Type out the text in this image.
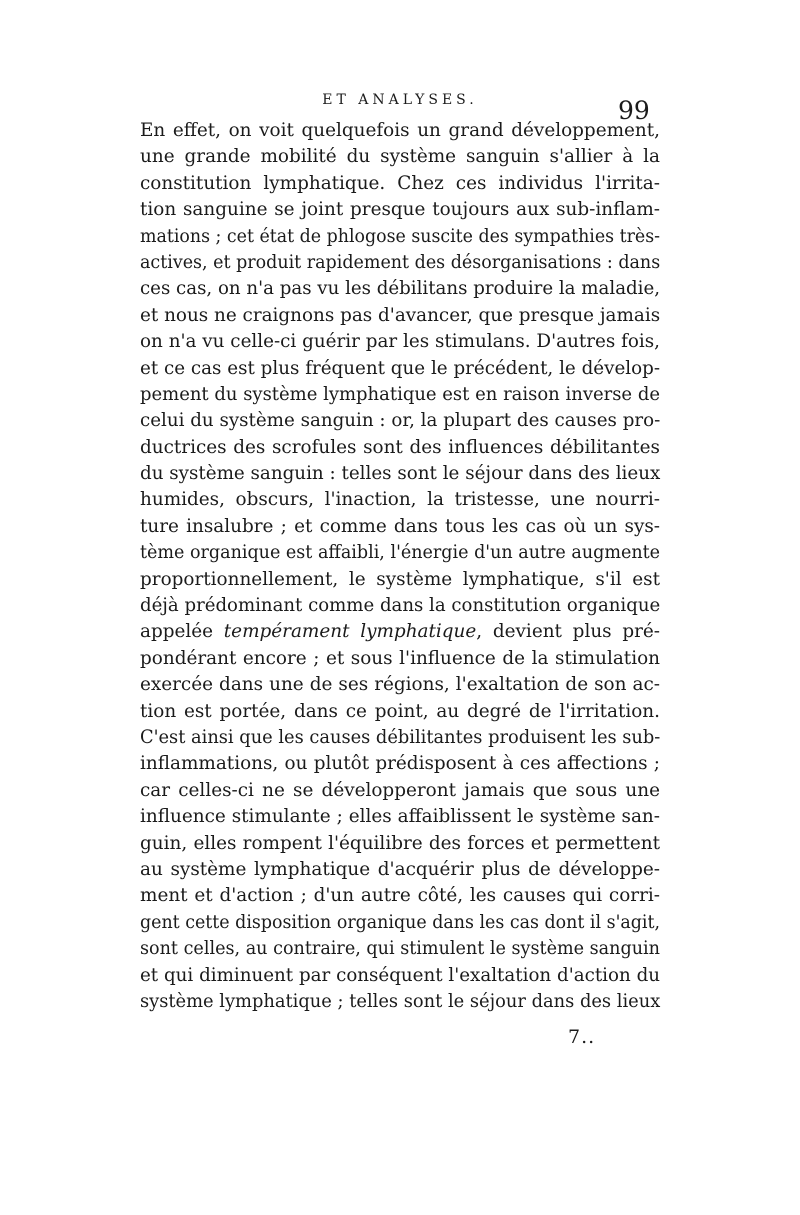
ET ANALYSES.	99
En effet, on voit quelquefois un grand développement,
une grande mobilité du système sanguin s'allier à la
constitution lymphatique. Chez ces individus l'irrita-
tion sanguine se joint presque toujours aux sub-inflam-
mations ; cet état de phlogose suscite des sympathies très-
actives, et produit rapidement des désorganisations : dans
ces cas, on n'a pas vu les débilitans produire la maladie,
et nous ne craignons pas d'avancer, que presque jamais
on n'a vu celle-ci guérir par les stimulans. D'autres fois,
et ce cas est plus fréquent que le précédent, le dévelop-
pement du système lymphatique est en raison inverse de
celui du système sanguin : or, la plupart des causes pro-
ductrices des scrofules sont des influences débilitantes
du système sanguin : telles sont le séjour dans des lieux
humides, obscurs, l'inaction, la tristesse, une nourri-
ture insalubre ; et comme dans tous les cas où un sys-
tème organique est affaibli, l'énergie d'un autre augmente
proportionnellement, le système lymphatique, s'il est
déjà prédominant comme dans la constitution organique
appelée tempérament lymphatique, devient plus pré-
pondérant encore ; et sous l'influence de la stimulation
exercée dans une de ses régions, l'exaltation de son ac-
tion est portée, dans ce point, au degré de l'irritation.
C'est ainsi que les causes débilitantes produisent les sub-
inflammations, ou plutôt prédisposent à ces affections ;
car celles-ci ne se développeront jamais que sous une
influence stimulante ; elles affaiblissent le système san-
guin, elles rompent l'équilibre des forces et permettent
au système lymphatique d'acquérir plus de développe-
ment et d'action ; d'un autre côté, les causes qui corri-
gent cette disposition organique dans les cas dont il s'agit,
sont celles, au contraire, qui stimulent le système sanguin
et qui diminuent par conséquent l'exaltation d'action du
système lymphatique ; telles sont le séjour dans des lieux
7..
